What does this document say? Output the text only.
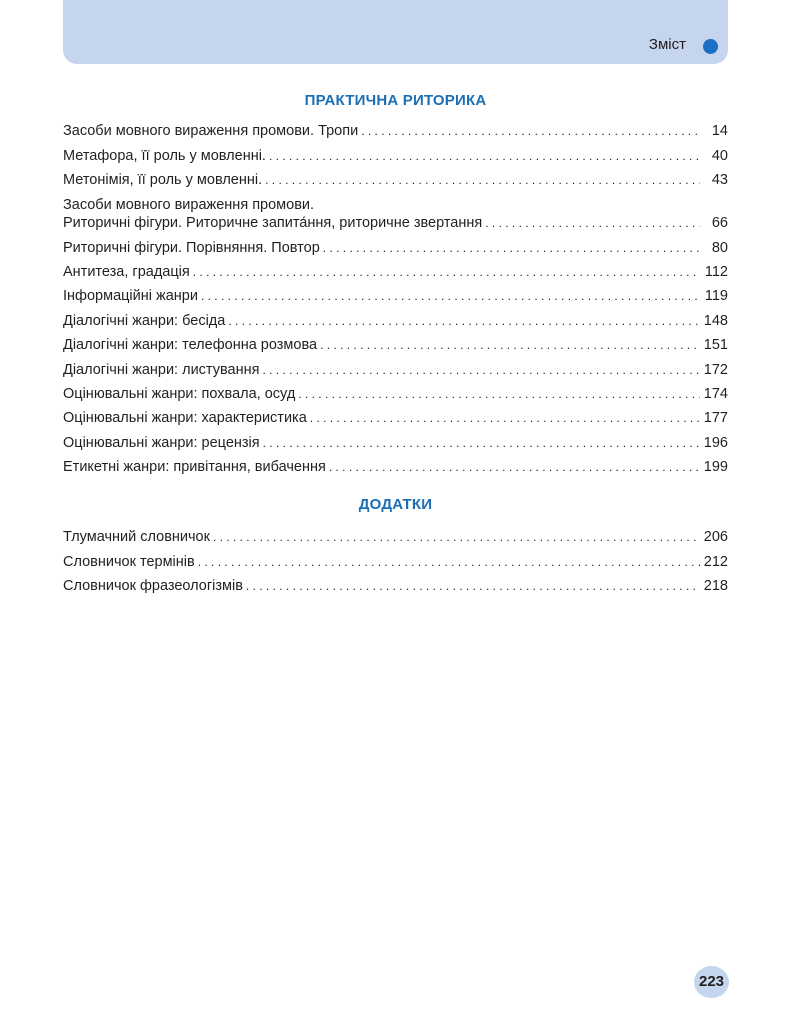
Зміст
ПРАКТИЧНА РИТОРИКА
Засоби мовного вираження промови. Тропи . . .	14
Метафора, її роль у мовленні. . . .	40
Метонімія, її роль у мовленні. . . .	43
Засоби мовного вираження промови.
Риторичні фігури. Риторичне запита́ння, риторичне звертання . . .	66
Риторичні фігури. Порівняння. Повтор . . .	80
Антитеза, градація . . .	112
Інформаційні жанри . . .	119
Діалогічні жанри: бесіда . . .	148
Діалогічні жанри: телефонна розмова . . .	151
Діалогічні жанри: листування . . .	172
Оцінювальні жанри: похвала, осуд . . .	174
Оцінювальні жанри: характеристика . . .	177
Оцінювальні жанри: рецензія . . .	196
Етикетні жанри: привітання, вибачення . . .	199
ДОДАТКИ
Тлумачний словничок . . .	206
Словничок термінів . . .	212
Словничок фразеологізмів . . .	218
223
